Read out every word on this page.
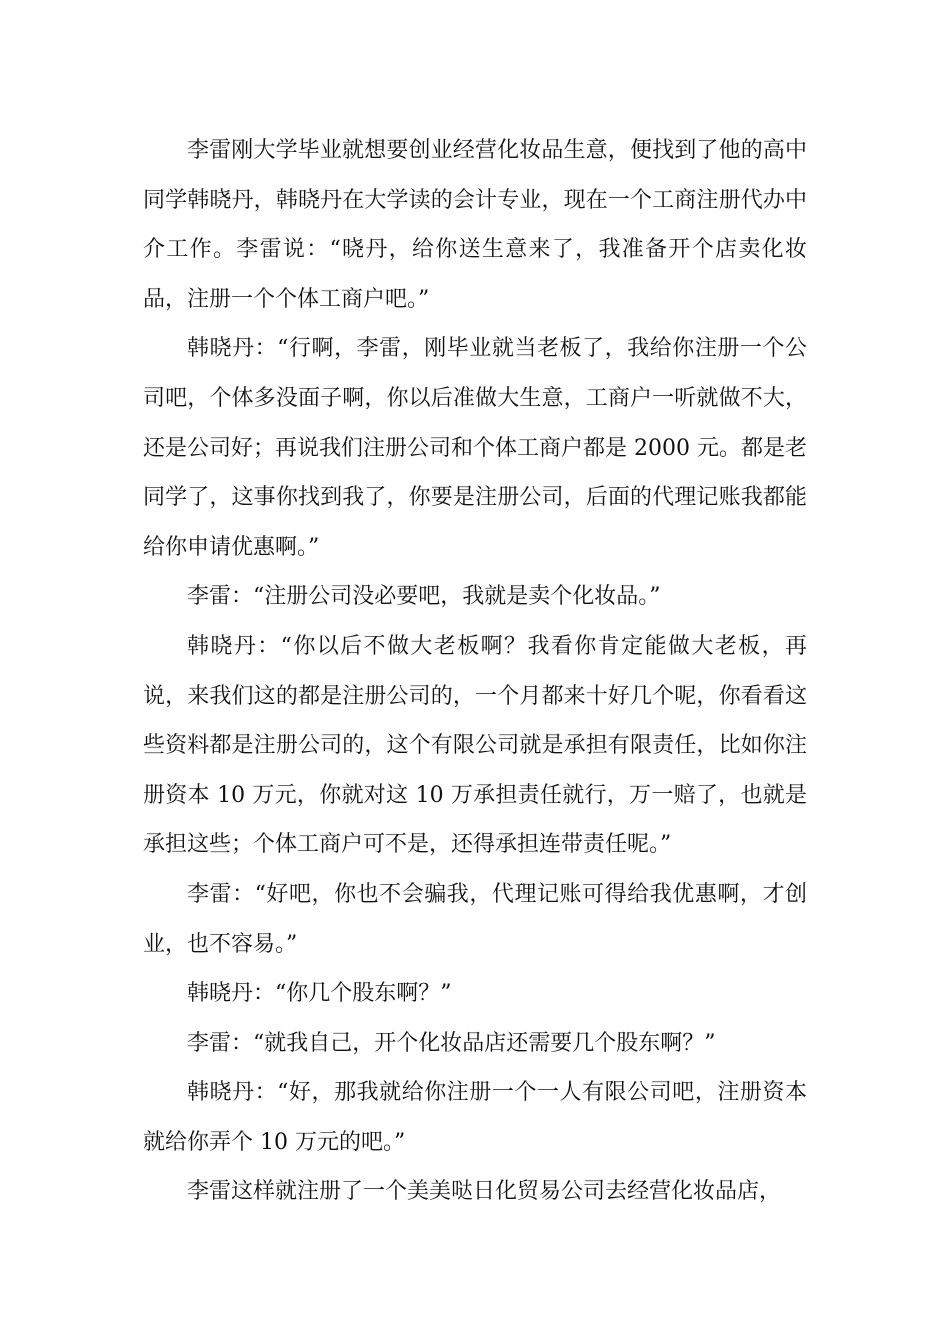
李雷刚大学毕业就想要创业经营化妆品生意，便找到了他的高中同学韩晓丹，韩晓丹在大学读的会计专业，现在一个工商注册代办中介工作。李雷说：“晓丹，给你送生意来了，我准备开个店卖化妆品，注册一个个体工商户吧。”

韩晓丹：“行啊，李雷，刚毕业就当老板了，我给你注册一个公司吧，个体多没面子啊，你以后准做大生意，工商户一听就做不大，还是公司好；再说我们注册公司和个体工商户都是 2000 元。都是老同学了，这事你找到我了，你要是注册公司，后面的代理记账我都能给你申请优惠啊。”

李雷：“注册公司没必要吧，我就是卖个化妆品。”

韩晓丹：“你以后不做大老板啊？我看你肯定能做大老板，再说，来我们这的都是注册公司的，一个月都来十好几个呢，你看看这些资料都是注册公司的，这个有限公司就是承担有限责任，比如你注册资本 10 万元，你就对这 10 万承担责任就行，万一赔了，也就是承担这些；个体工商户可不是，还得承担连带责任呢。”

李雷：“好吧，你也不会骗我，代理记账可得给我优惠啊，才创业，也不容易。”

韩晓丹：“你几个股东啊？”

李雷：“就我自己，开个化妆品店还需要几个股东啊？”

韩晓丹：“好，那我就给你注册一个一人有限公司吧，注册资本就给你弄个 10 万元的吧。”

李雷这样就注册了一个美美哒日化贸易公司去经营化妆品店，
